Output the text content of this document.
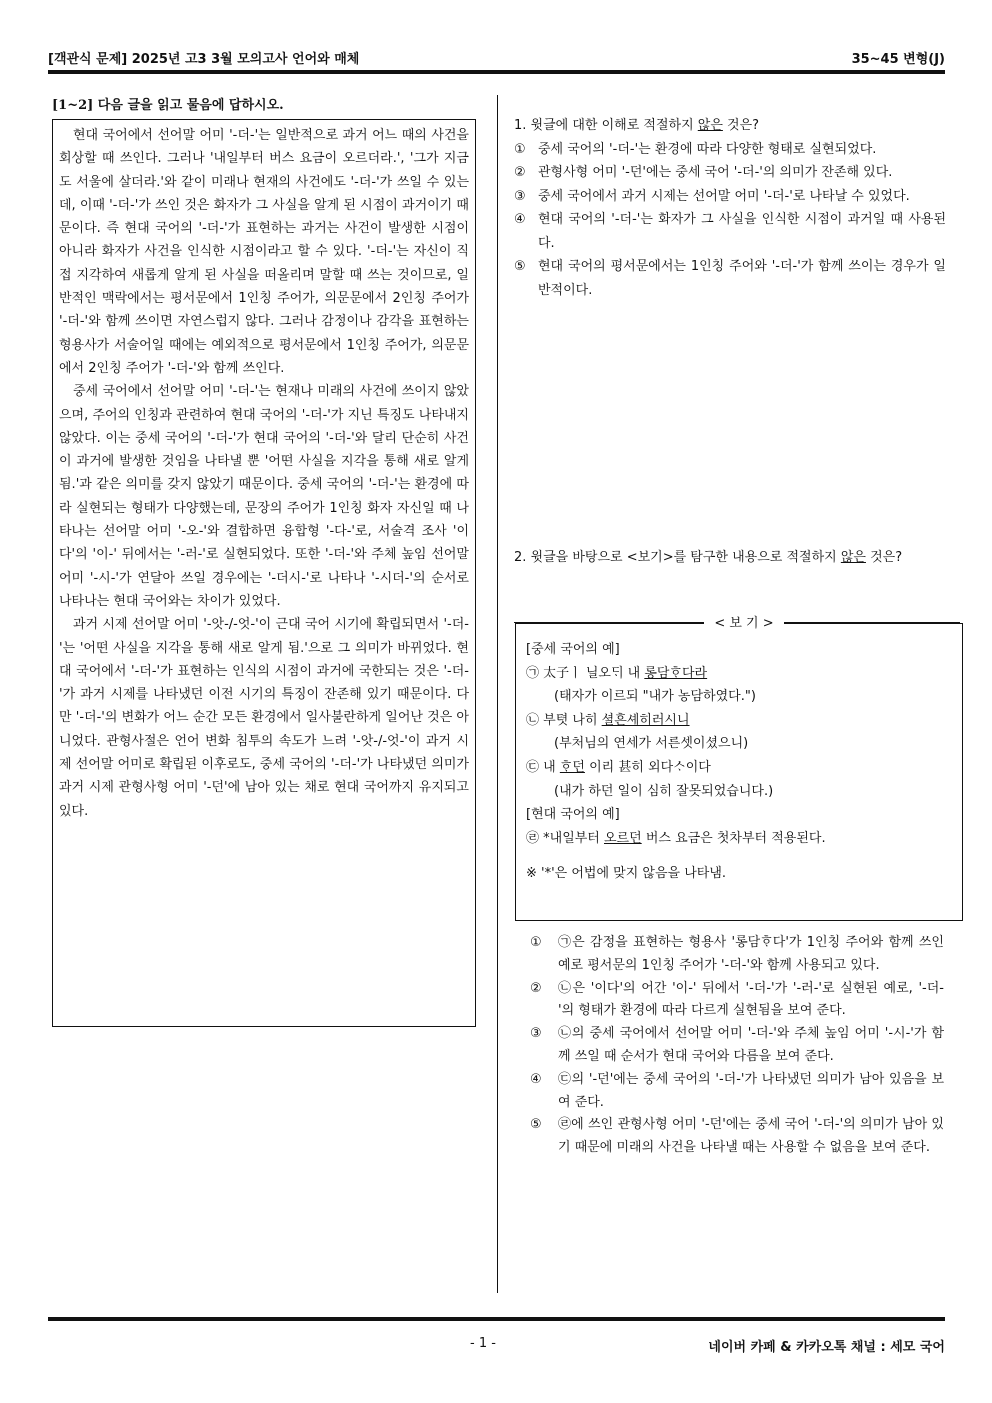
[객관식 문제] 2025년 고3 3월 모의고사 언어와 매체	35~45 변형(J)
[1~2] 다음 글을 읽고 물음에 답하시오.

현대 국어에서 선어말 어미 '-더-'는 일반적으로 과거 어느 때의 사건을 회상할 때 쓰인다. 그러나 '내일부터 버스 요금이 오르더라.', '그가 지금도 서울에 살더라.'와 같이 미래나 현재의 사건에도 '-더-'가 쓰일 수 있는데, 이때 '-더-'가 쓰인 것은 화자가 그 사실을 알게 된 시점이 과거이기 때문이다. 즉 현대 국어의 '-더-'가 표현하는 과거는 사건이 발생한 시점이 아니라 화자가 사건을 인식한 시점이라고 할 수 있다. '-더-'는 자신이 직접 지각하여 새롭게 알게 된 사실을 떠올리며 말할 때 쓰는 것이므로, 일반적인 맥락에서는 평서문에서 1인칭 주어가, 의문문에서 2인칭 주어가 '-더-'와 함께 쓰이면 자연스럽지 않다. 그러나 감정이나 감각을 표현하는 형용사가 서술어일 때에는 예외적으로 평서문에서 1인칭 주어가, 의문문에서 2인칭 주어가 '-더-'와 함께 쓰인다.

중세 국어에서 선어말 어미 '-더-'는 현재나 미래의 사건에 쓰이지 않았으며, 주어의 인칭과 관련하여 현대 국어의 '-더-'가 지닌 특징도 나타내지 않았다. 이는 중세 국어의 '-더-'가 현대 국어의 '-더-'와 달리 단순히 사건이 과거에 발생한 것임을 나타낼 뿐 '어떤 사실을 지각을 통해 새로 알게 됨.'과 같은 의미를 갖지 않았기 때문이다. 중세 국어의 '-더-'는 환경에 따라 실현되는 형태가 다양했는데, 문장의 주어가 1인칭 화자 자신일 때 나타나는 선어말 어미 '-오-'와 결합하면 융합형 '-다-'로, 서술격 조사 '이다'의 '이-' 뒤에서는 '-러-'로 실현되었다. 또한 '-더-'와 주체 높임 선어말 어미 '-시-'가 연달아 쓰일 경우에는 '-더시-'로 나타나 '-시더-'의 순서로 나타나는 현대 국어와는 차이가 있었다.

과거 시제 선어말 어미 '-앗-/-엇-'이 근대 국어 시기에 확립되면서 '-더-'는 '어떤 사실을 지각을 통해 새로 알게 됨.'으로 그 의미가 바뀌었다. 현대 국어에서 '-더-'가 표현하는 인식의 시점이 과거에 국한되는 것은 '-더-'가 과거 시제를 나타냈던 이전 시기의 특징이 잔존해 있기 때문이다. 다만 '-더-'의 변화가 어느 순간 모든 환경에서 일사불란하게 일어난 것은 아니었다. 관형사절은 언어 변화 침투의 속도가 느려 '-앗-/-엇-'이 과거 시제 선어말 어미로 확립된 이후로도, 중세 국어의 '-더-'가 나타냈던 의미가 과거 시제 관형사형 어미 '-던'에 남아 있는 채로 현대 국어까지 유지되고 있다.

1. 윗글에 대한 이해로 적절하지 않은 것은?

① 중세 국어의 '-더-'는 환경에 따라 다양한 형태로 실현되었다.
② 관형사형 어미 '-던'에는 중세 국어 '-더-'의 의미가 잔존해 있다.
③ 중세 국어에서 과거 시제는 선어말 어미 '-더-'로 나타날 수 있었다.
④ 현대 국어의 '-더-'는 화자가 그 사실을 인식한 시점이 과거일 때 사용된다.
⑤ 현대 국어의 평서문에서는 1인칭 주어와 '-더-'가 함께 쓰이는 경우가 일반적이다.
2. 윗글을 바탕으로 <보기>를 탐구한 내용으로 적절하지 않은 것은?
[중세 국어의 예]
㉠ 太子ㅣ 닐오ᄃᆡ 내 롱담ᄒᆞ다라
(태자가 이르되 "내가 농담하였다.")
㉡ 부텻 나히 셜흔셰히러시니
(부처님의 연세가 서른셋이셨으니)
㉢ 내 ᄒᆞ던 이리 甚히 외다ᄉᆞ이다
(내가 하던 일이 심히 잘못되었습니다.)
[현대 국어의 예]
㉣ *내일부터 오르던 버스 요금은 첫차부터 적용된다.
※ '*'은 어법에 맞지 않음을 나타냄.
< 보 기 >
① ㉠은 감정을 표현하는 형용사 '롱담ᄒᆞ다'가 1인칭 주어와 함께 쓰인 예로 평서문의 1인칭 주어가 '-더-'와 함께 사용되고 있다.
② ㉡은 '이다'의 어간 '이-' 뒤에서 '-더-'가 '-러-'로 실현된 예로, '-더-'의 형태가 환경에 따라 다르게 실현됨을 보여 준다.
③ ㉡의 중세 국어에서 선어말 어미 '-더-'와 주체 높임 어미 '-시-'가 함께 쓰일 때 순서가 현대 국어와 다름을 보여 준다.
④ ㉢의 '-던'에는 중세 국어의 '-더-'가 나타냈던 의미가 남아 있음을 보여 준다.
⑤ ㉣에 쓰인 관형사형 어미 '-던'에는 중세 국어 '-더-'의 의미가 남아 있기 때문에 미래의 사건을 나타낼 때는 사용할 수 없음을 보여 준다.
- 1 -	네이버 카페 & 카카오톡 채널 : 세모 국어
